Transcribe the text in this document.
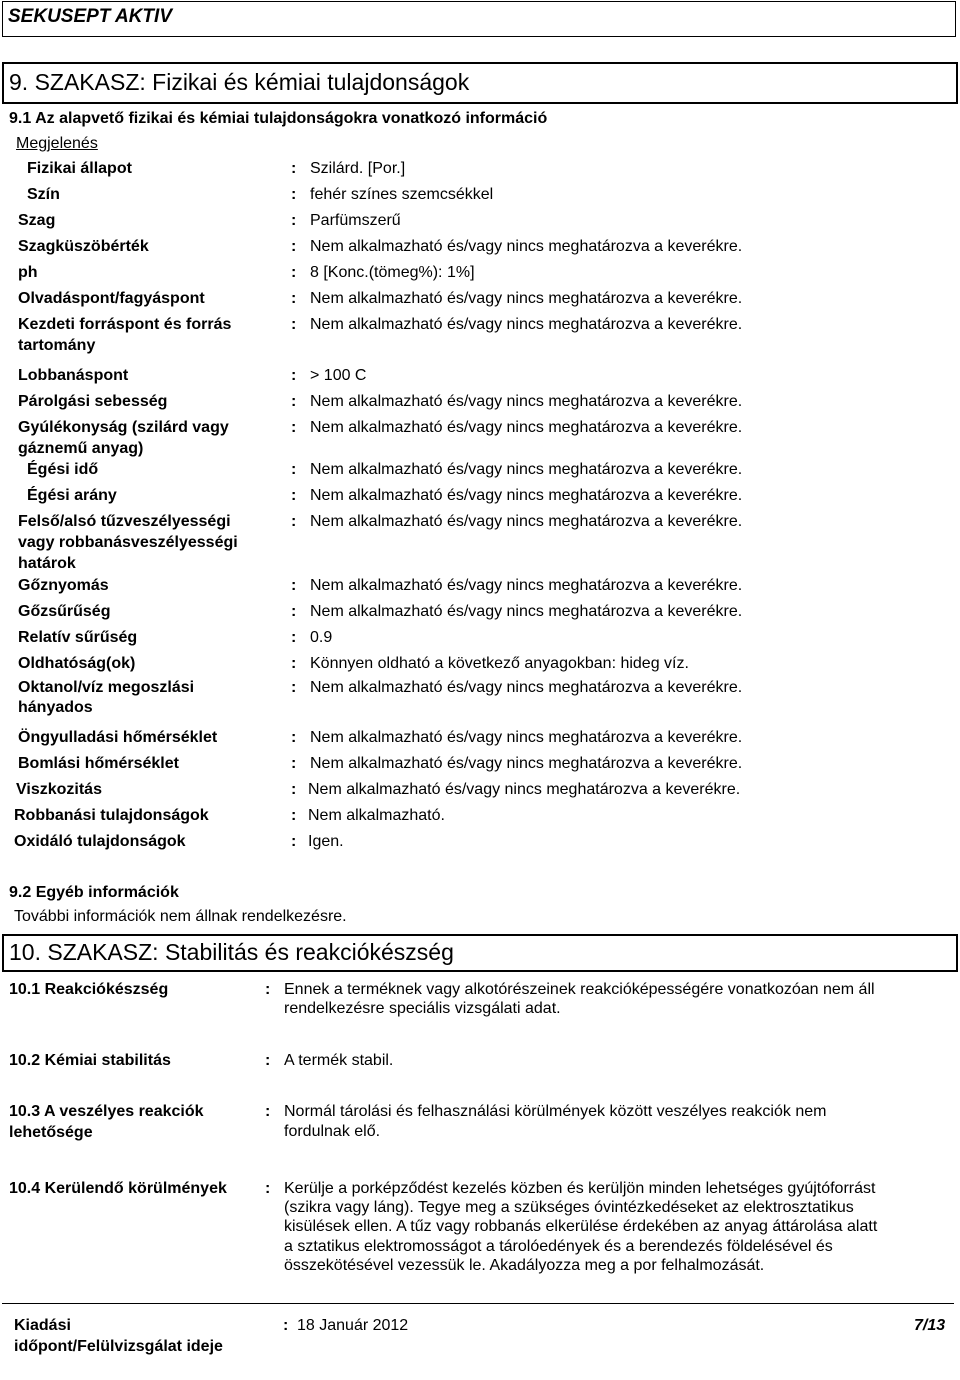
SEKUSEPT AKTIV
9. SZAKASZ: Fizikai és kémiai tulajdonságok
9.1 Az alapvető fizikai és kémiai tulajdonságokra vonatkozó információ
Megjelenés
Fizikai állapot	: Szilárd. [Por.]
Szín	: fehér színes szemcsékkel
Szag	: Parfümszerű
Szagküszöbérték	: Nem alkalmazható és/vagy nincs meghatározva a keverékre.
ph	: 8 [Konc.(tömeg%): 1%]
Olvadáspont/fagyáspont	: Nem alkalmazható és/vagy nincs meghatározva a keverékre.
Kezdeti forráspont és forrás
tartomány
: Nem alkalmazható és/vagy nincs meghatározva a keverékre.
Lobbanáspont	: > 100 C
Párolgási sebesség	: Nem alkalmazható és/vagy nincs meghatározva a keverékre.
Gyúlékonyság (szilárd vagy
gáznemű anyag)
: Nem alkalmazható és/vagy nincs meghatározva a keverékre.
Égési idő	: Nem alkalmazható és/vagy nincs meghatározva a keverékre.
Égési arány	: Nem alkalmazható és/vagy nincs meghatározva a keverékre.
Felső/alsó tűzveszélyességi
vagy robbanásveszélyességi
határok
: Nem alkalmazható és/vagy nincs meghatározva a keverékre.
Gőznyomás	: Nem alkalmazható és/vagy nincs meghatározva a keverékre.
Gőzsűrűség	: Nem alkalmazható és/vagy nincs meghatározva a keverékre.
Relatív sűrűség	: 0.9
Oldhatóság(ok)	: Könnyen oldható a következő anyagokban: hideg víz.
Oktanol/víz megoszlási
hányados
: Nem alkalmazható és/vagy nincs meghatározva a keverékre.
Öngyulladási hőmérséklet	: Nem alkalmazható és/vagy nincs meghatározva a keverékre.
Bomlási hőmérséklet	: Nem alkalmazható és/vagy nincs meghatározva a keverékre.
Viszkozitás	: Nem alkalmazható és/vagy nincs meghatározva a keverékre.
Robbanási tulajdonságok	: Nem alkalmazható.
Oxidáló tulajdonságok	: Igen.
9.2 Egyéb információk
További információk nem állnak rendelkezésre.
10. SZAKASZ: Stabilitás és reakciókészség
10.1 Reakciókészség	: Ennek a terméknek vagy alkotórészeinek reakcióképességére vonatkozóan nem áll
rendelkezésre speciális vizsgálati adat.
10.2 Kémiai stabilitás	: A termék stabil.
10.3 A veszélyes reakciók
lehetősége
: Normál tárolási és felhasználási körülmények között veszélyes reakciók nem
fordulnak elő.
10.4 Kerülendő körülmények : Kerülje a porképződést kezelés közben és kerüljön minden lehetséges gyújtóforrást
(szikra vagy láng). Tegye meg a szükséges óvintézkedéseket az elektrosztatikus
kisülések ellen. A tűz vagy robbanás elkerülése érdekében az anyag áttárolása alatt
a sztatikus elektromosságot a tárolóedények és a berendezés földelésével és
összekötésével vezessük le. Akadályozza meg a por felhalmozását.
Kiadási
időpont/Felülvizsgálat ideje
: 18 Január 2012	7/13
